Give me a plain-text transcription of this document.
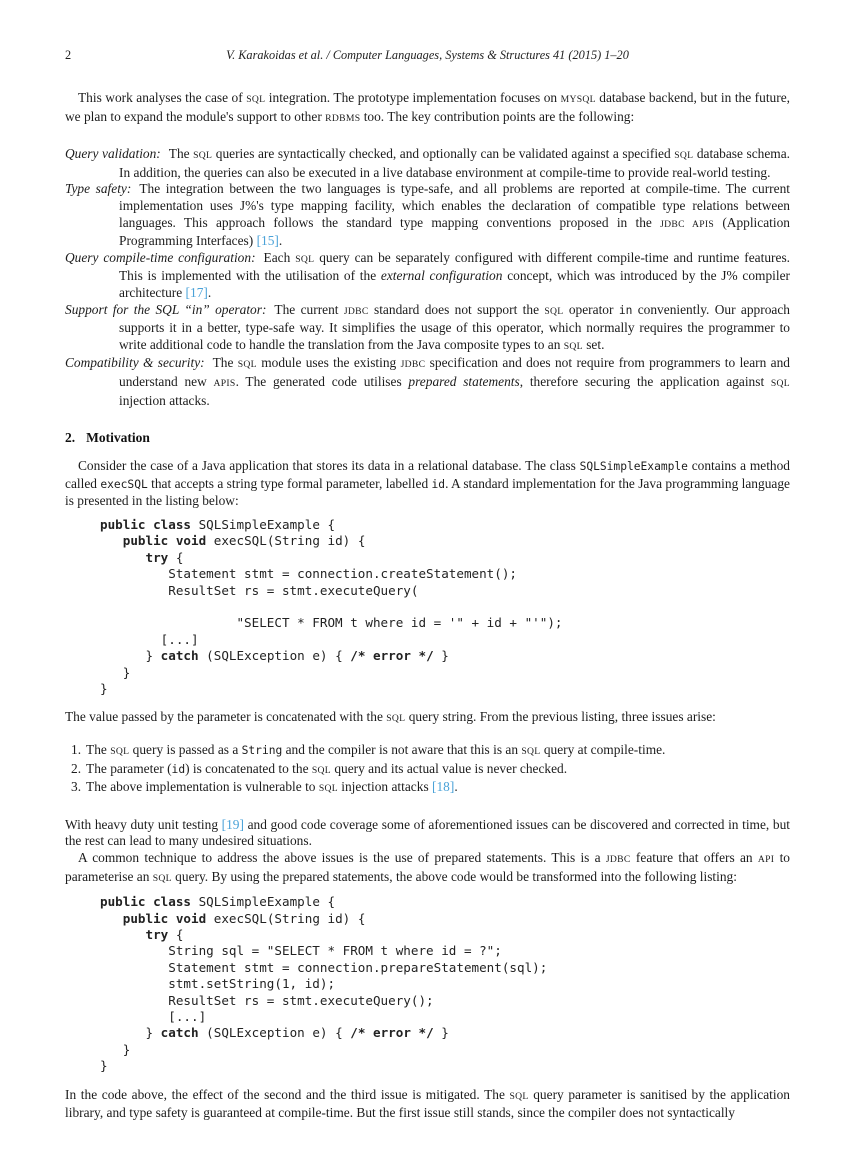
2	V. Karakoidas et al. / Computer Languages, Systems & Structures 41 (2015) 1–20

This work analyses the case of SQL integration. The prototype implementation focuses on MYSQL database backend, but in the future, we plan to expand the module's support to other RDBMS too. The key contribution points are the following:

Query validation: The SQL queries are syntactically checked, and optionally can be validated against a specified SQL database schema. In addition, the queries can also be executed in a live database environment at compile-time to provide real-world testing.
Type safety: The integration between the two languages is type-safe, and all problems are reported at compile-time. The current implementation uses J%'s type mapping facility, which enables the declaration of compatible type relations between languages. This approach follows the standard type mapping conventions proposed in the JDBC APIS (Application Programming Interfaces) [15].
Query compile-time configuration: Each SQL query can be separately configured with different compile-time and runtime features. This is implemented with the utilisation of the external configuration concept, which was introduced by the J% compiler architecture [17].
Support for the SQL “in” operator: The current JDBC standard does not support the SQL operator in conveniently. Our approach supports it in a better, type-safe way. It simplifies the usage of this operator, which normally requires the programmer to write additional code to handle the translation from the Java composite types to an SQL set.
Compatibility & security: The SQL module uses the existing JDBC specification and does not require from programmers to learn and understand new APIS. The generated code utilises prepared statements, therefore securing the application against SQL injection attacks.
2. Motivation

Consider the case of a Java application that stores its data in a relational database. The class SQLSimpleExample contains a method called execSQL that accepts a string type formal parameter, labelled id. A standard implementation for the Java programming language is presented in the listing below:

public class SQLSimpleExample {
public void execSQL(String id) {
try {
Statement stmt = connection.createStatement();
ResultSet rs = stmt.executeQuery(

"SELECT * FROM t where id = '" + id + "'");
[...]
} catch (SQLException e) { /* error */ }
}
}

The value passed by the parameter is concatenated with the SQL query string. From the previous listing, three issues arise:

1. The SQL query is passed as a String and the compiler is not aware that this is an SQL query at compile-time.
2. The parameter (id) is concatenated to the SQL query and its actual value is never checked.
3. The above implementation is vulnerable to SQL injection attacks [18].

With heavy duty unit testing [19] and good code coverage some of aforementioned issues can be discovered and corrected in time, but the rest can lead to many undesired situations.

A common technique to address the above issues is the use of prepared statements. This is a JDBC feature that offers an API to parameterise an SQL query. By using the prepared statements, the above code would be transformed into the following listing:

public class SQLSimpleExample {
public void execSQL(String id) {
try {
String sql = "SELECT * FROM t where id = ?";
Statement stmt = connection.prepareStatement(sql);
stmt.setString(1, id);
ResultSet rs = stmt.executeQuery();
[...]
} catch (SQLException e) { /* error */ }
}
}

In the code above, the effect of the second and the third issue is mitigated. The SQL query parameter is sanitised by the application library, and type safety is guaranteed at compile-time. But the first issue still stands, since the compiler does not syntactically
